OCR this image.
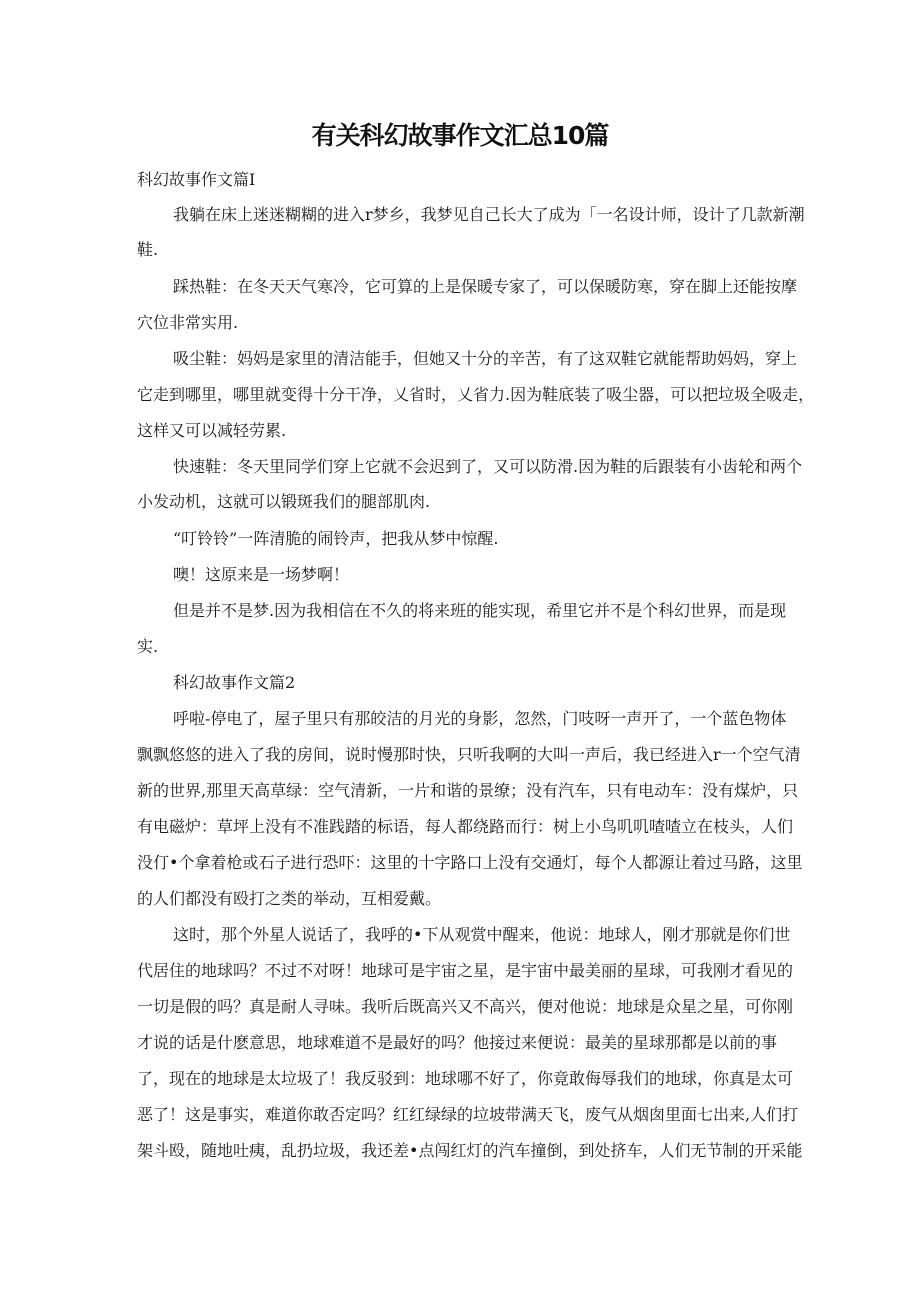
有关科幻故事作文汇总10篇
科幻故事作文篇I
我躺在床上迷迷糊糊的进入r梦乡，我梦见自己长大了成为「一名设计师，设计了几款新潮
鞋.
踩热鞋：在冬天天气寒冷，它可算的上是保暖专家了，可以保暖防寒，穿在脚上还能按摩
穴位非常实用.
吸尘鞋：妈妈是家里的清洁能手，但她又十分的辛苦，有了这双鞋它就能帮助妈妈，穿上
它走到哪里，哪里就变得十分干净，乂省时，乂省力.因为鞋底装了吸尘器，可以把垃圾全吸走，
这样又可以减轻劳累.
快速鞋：冬天里同学们穿上它就不会迟到了，又可以防滑.因为鞋的后跟装有小齿轮和两个
小发动机，这就可以锻斑我们的腿部肌肉.
“叮铃铃”一阵清脆的闹铃声，把我从梦中惊醒.
噢！这原来是一场梦啊！
但是并不是梦.因为我相信在不久的将来班的能实现，希里它并不是个科幻世界，而是现
实.
科幻故事作文篇2
呼啦-停电了，屋子里只有那皎洁的月光的身影，忽然，门吱呀一声开了，一个蓝色物体
飘飘悠悠的进入了我的房间，说时慢那时快，只听我啊的大叫一声后，我已经进入r一个空气清
新的世界,那里天高草绿：空气清新，一片和谐的景缭；没有汽车，只有电动车：没有煤炉，只
有电磁炉：草坪上没有不准践踏的标语，每人都绕路而行：树上小鸟叽叽喳喳立在枝头，人们
没仃•个拿着枪或石子进行恐吓：这里的十字路口上没有交通灯，每个人都源让着过马路，这里
的人们都没有殴打之类的举动，互相爱戴。
这时，那个外星人说话了，我呼的•下从观赏中醒来，他说：地球人，刚才那就是你们世
代居住的地球吗？不过不对呀！地球可是宇宙之星，是宇宙中最美丽的星球，可我刚才看见的
一切是假的吗？真是耐人寻味。我听后既高兴又不高兴，便对他说：地球是众星之星，可你刚
才说的话是什麽意思，地球难道不是最好的吗？他接过来便说：最美的星球那都是以前的事
了，现在的地球是太垃圾了！我反驳到：地球哪不好了，你竟敢侮辱我们的地球，你真是太可
恶了！这是事实，难道你敢否定吗？红红绿绿的垃坡带满天飞，废气从烟囱里面七出来,人们打
架斗殴，随地吐痍，乱扔垃圾，我还差•点闯红灯的汽车撞倒，到处挤车，人们无节制的开采能
